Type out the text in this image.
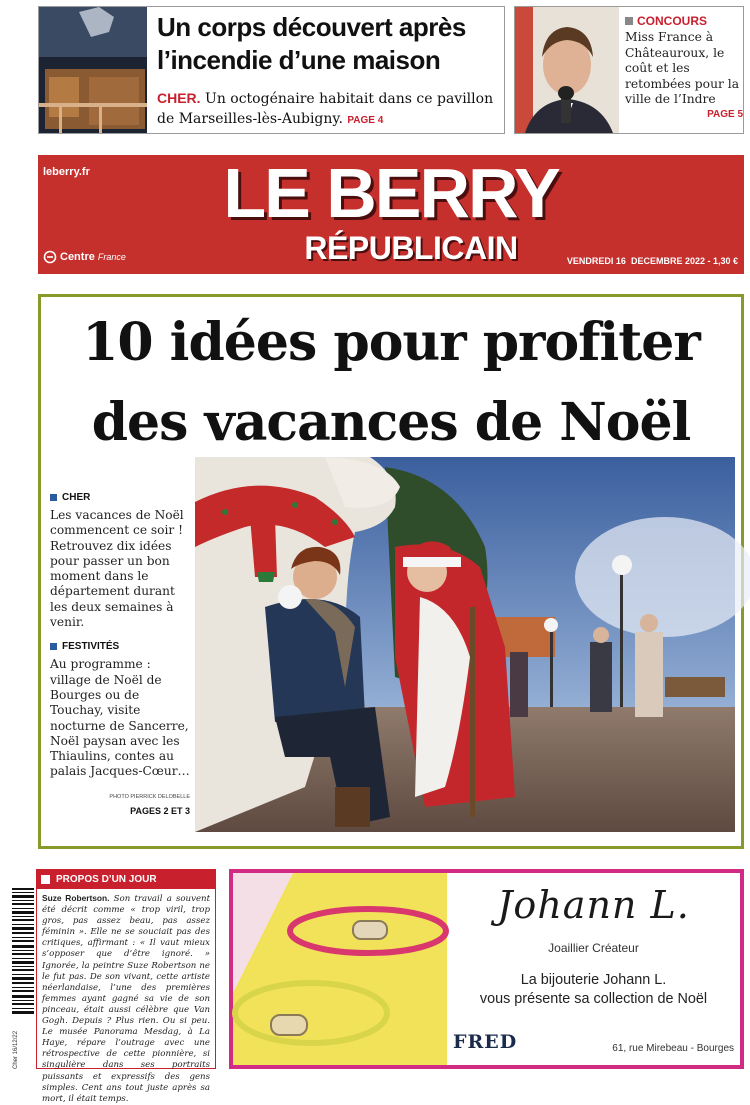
Un corps découvert après l’incendie d’une maison
CHER. Un octogénaire habitait dans ce pavillon de Marseilles-lès-Aubigny. PAGE 4
CONCOURS
Miss France à Châteauroux, le coût et les retombées pour la ville de l’Indre
PAGE 5
leberry.fr LE BERRY
RÉPUBLICAIN
Centre France	VENDREDI 16  DECEMBRE 2022 - 1,30 €
10 idées pour profiter
des vacances de Noël
CHER
Les vacances de Noël commencent ce soir ! Retrouvez dix idées pour passer un bon moment dans le département durant les deux semaines à venir.
FESTIVITÉS
Au programme : village de Noël de Bourges ou de Touchay, visite nocturne de Sancerre, Noël paysan avec les Thiaulins, contes au palais Jacques-Cœur…
PHOTO PIERRICK DELOBELLE
PAGES 2 ET 3
Cher 16/12/22
PROPOS D’UN JOUR
Suze Robertson. Son travail a souvent été décrit comme « trop viril, trop gros, pas assez beau, pas assez féminin ». Elle ne se souciait pas des critiques, affirmant : « Il vaut mieux s’opposer que d’être ignoré. » Ignorée, la peintre Suze Robertson ne le fut pas. De son vivant, cette artiste néerlandaise, l’une des premières femmes ayant gagné sa vie de son pinceau, était aussi célèbre que Van Gogh. Depuis ? Plus rien. Ou si peu. Le musée Panorama Mesdag, à La Haye, répare l’outrage avec une rétrospective de cette pionnière, si singulière dans ses portraits puissants et expressifs des gens simples. Cent ans tout juste après sa mort, il était temps.
Johann L.
Joaillier Créateur
La bijouterie Johann L.
vous présente sa collection de Noël
FRED	61, rue Mirebeau - Bourges
